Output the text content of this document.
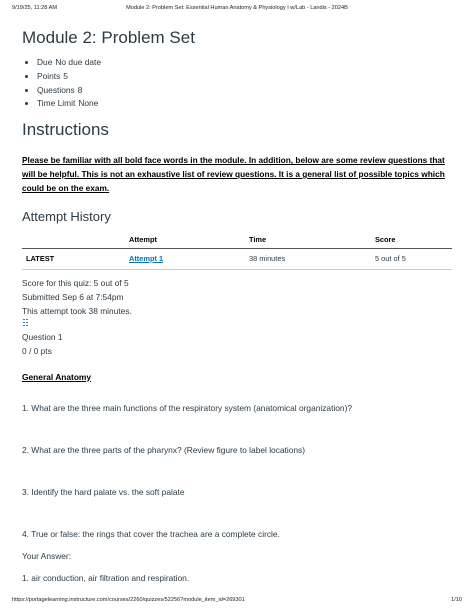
9/19/25, 11:28 AM	Module 2: Problem Set: Essential Human Anatomy & Physiology I w/Lab - Landis - 2024B
Module 2: Problem Set
Due No due date
Points 5
Questions 8
Time Limit None
Instructions
Please be familiar with all bold face words in the module. In addition, below are some review questions that will be helpful. This is not an exhaustive list of review questions. It is a general list of possible topics which could be on the exam.
Attempt History
	Attempt	Time	Score
LATEST	Attempt 1	38 minutes	5 out of 5
Score for this quiz: 5 out of 5
Submitted Sep 6 at 7:54pm
This attempt took 38 minutes.
Question 1
0 / 0 pts
General Anatomy
1. What are the three main functions of the respiratory system (anatomical organization)?
2. What are the three parts of the pharynx? (Review figure to label locations)
3. Identify the hard palate vs. the soft palate
4. True or false: the rings that cover the trachea are a complete circle.
Your Answer:
1. air conduction, air filtration and respiration.
https://portagelearning.instructure.com/courses/2260/quizzes/52256?module_item_id=269301	1/10
